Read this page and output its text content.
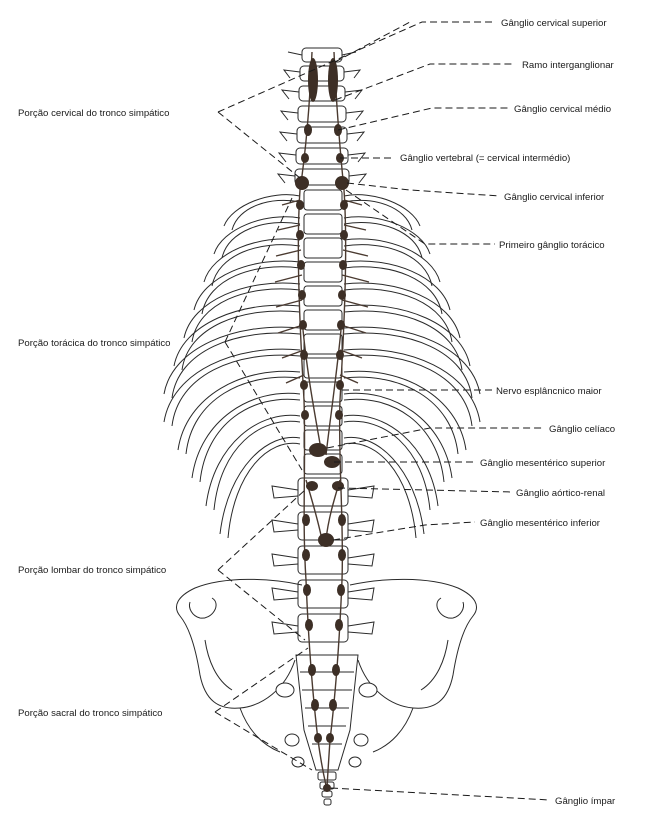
Porção cervical do tronco simpático
Porção torácica do tronco simpático
Porção lombar do tronco simpático
Porção sacral do tronco simpático
Gânglio cervical superior
Ramo interganglionar
Gânglio cervical médio
Gânglio vertebral (= cervical intermédio)
Gânglio cervical inferior
Primeiro gânglio torácico
Nervo esplâncnico maior
Gânglio celíaco
Gânglio mesentérico superior
Gânglio aórtico-renal
Gânglio mesentérico inferior
Gânglio ímpar
